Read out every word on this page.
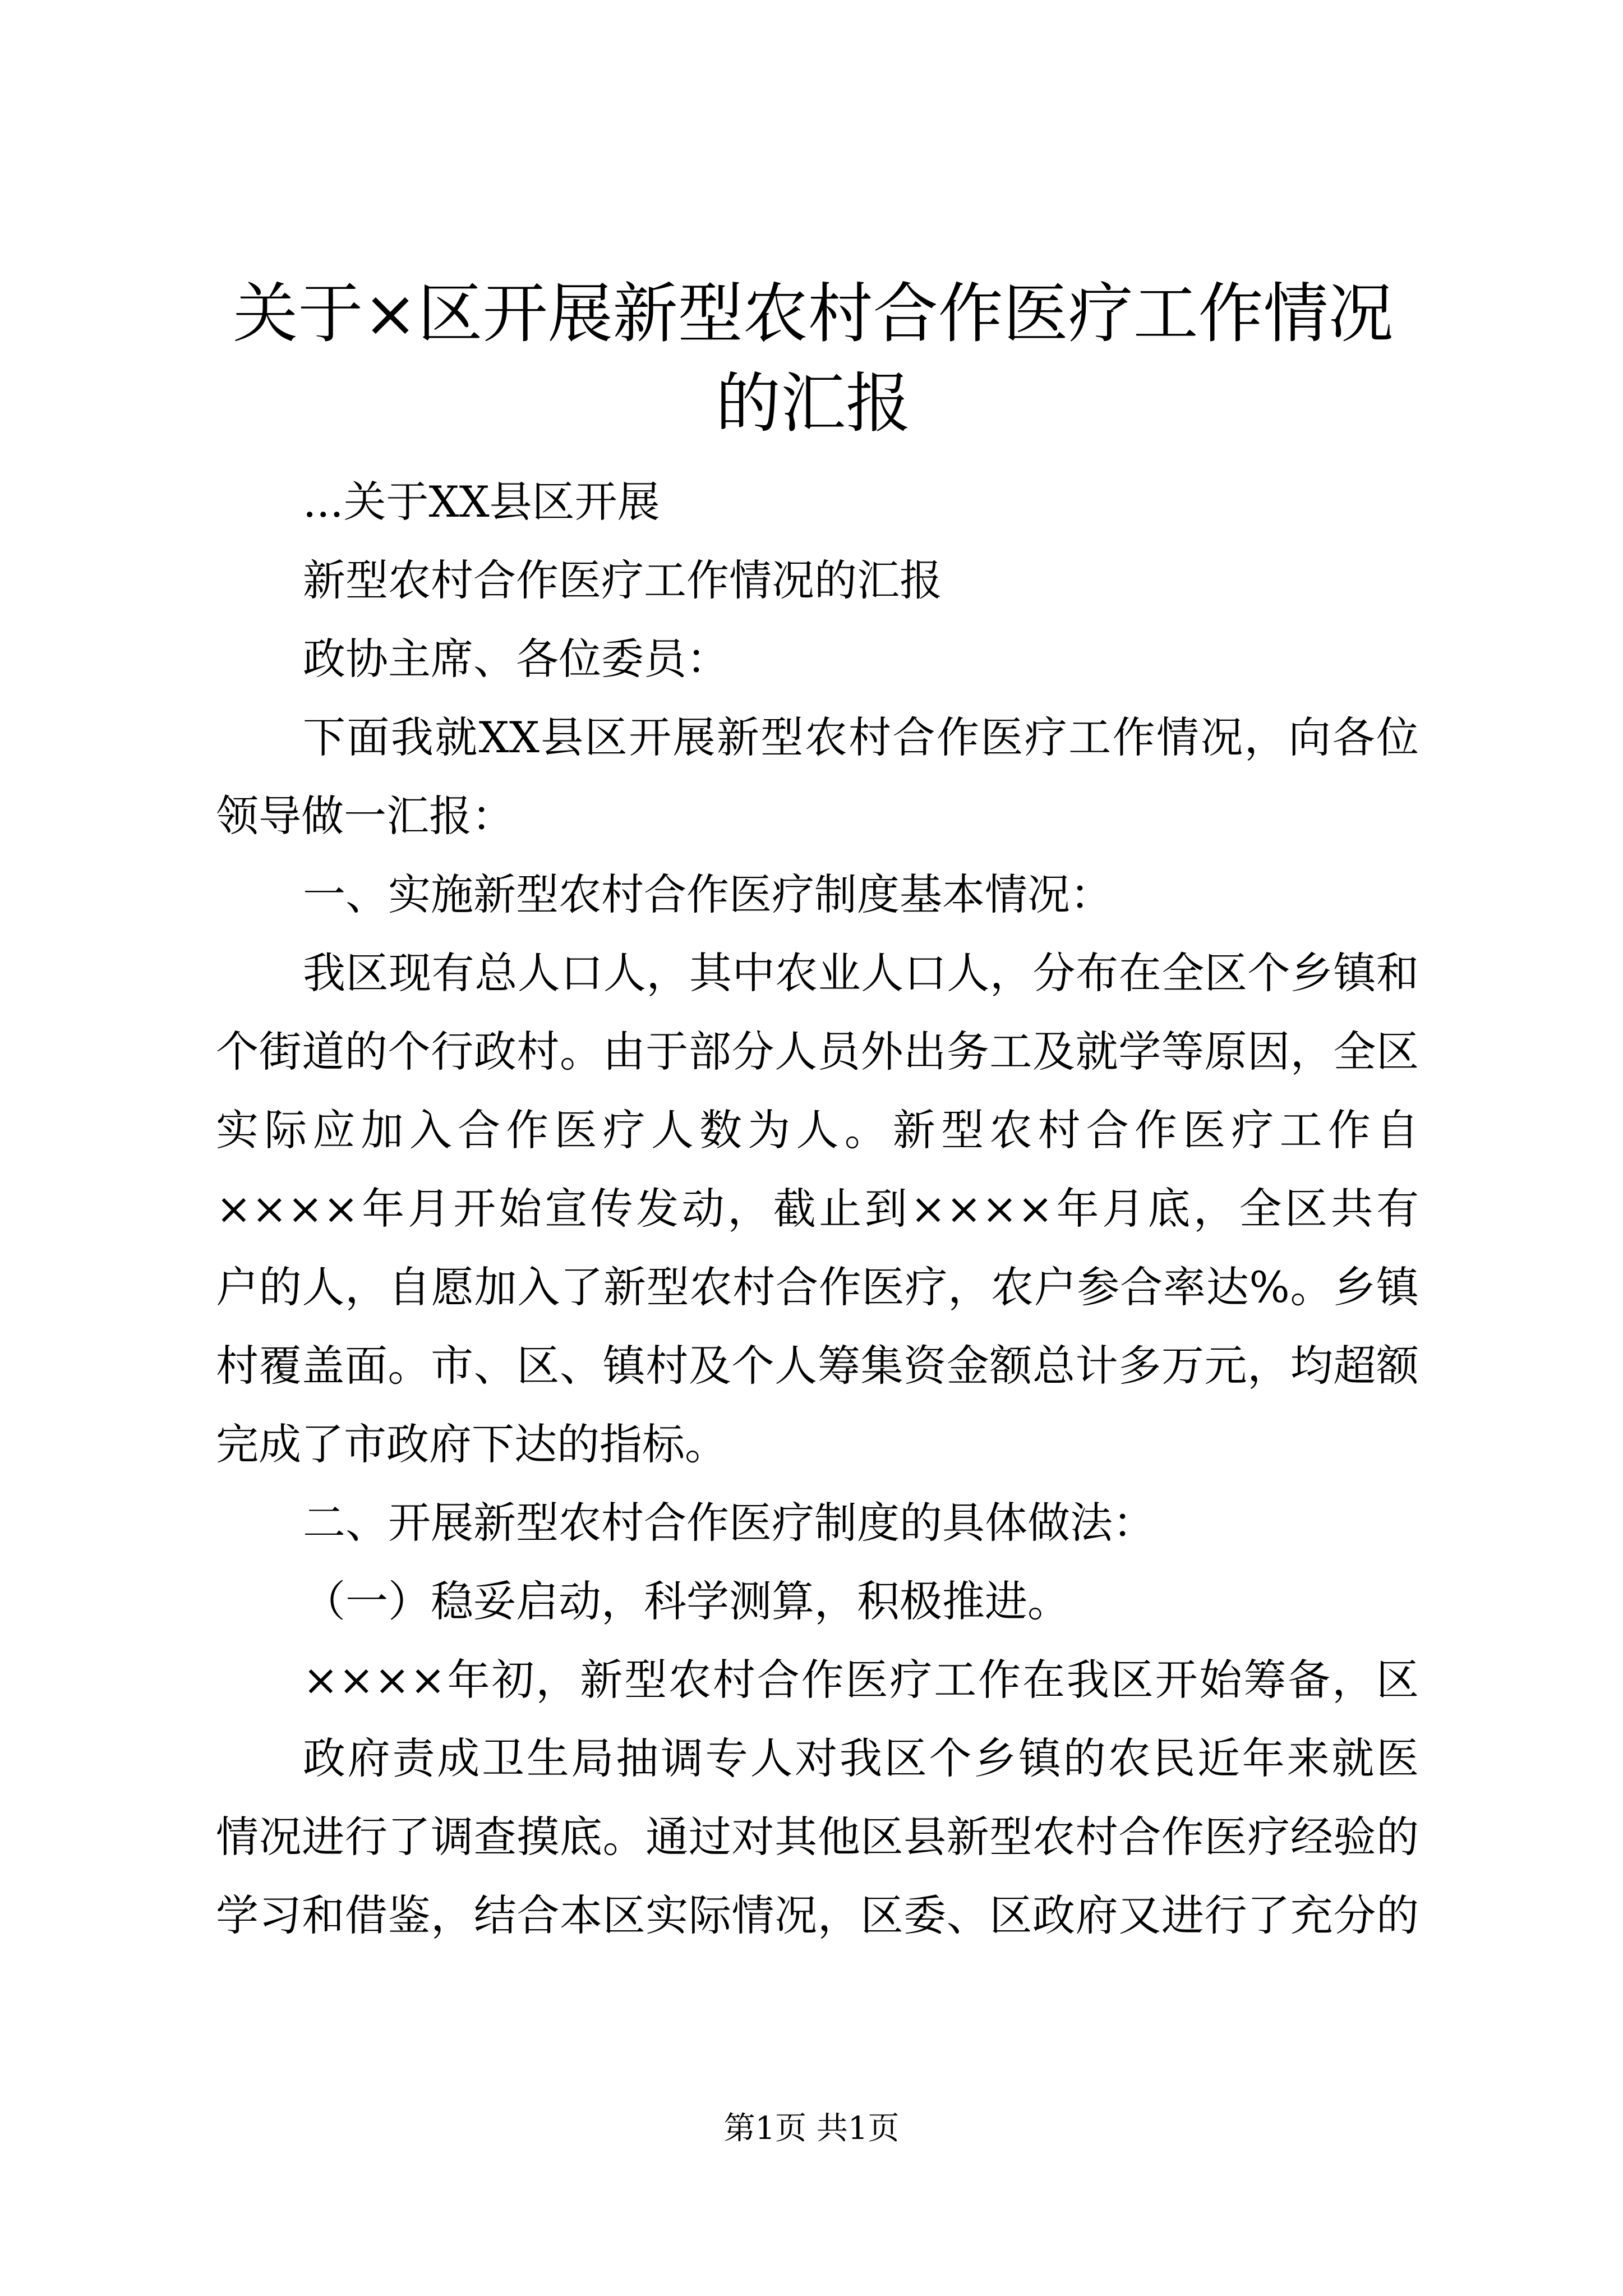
关于×区开展新型农村合作医疗工作情况的汇报

...关于XX县区开展

新型农村合作医疗工作情况的汇报

政协主席、各位委员：

下面我就XX县区开展新型农村合作医疗工作情况，向各位

领导做一汇报：

一、实施新型农村合作医疗制度基本情况：

我区现有总人口人，其中农业人口人，分布在全区个乡镇和

个街道的个行政村。由于部分人员外出务工及就学等原因，全区

实际应加入合作医疗人数为人。新型农村合作医疗工作自

××××年月开始宣传发动，截止到××××年月底，全区共有

户的人，自愿加入了新型农村合作医疗，农户参合率达%。乡镇

村覆盖面。市、区、镇村及个人筹集资金额总计多万元，均超额

完成了市政府下达的指标。

二、开展新型农村合作医疗制度的具体做法：

（一）稳妥启动，科学测算，积极推进。

××××年初，新型农村合作医疗工作在我区开始筹备，区

政府责成卫生局抽调专人对我区个乡镇的农民近年来就医

情况进行了调查摸底。通过对其他区县新型农村合作医疗经验的

学习和借鉴，结合本区实际情况，区委、区政府又进行了充分的

第1页 共1页
